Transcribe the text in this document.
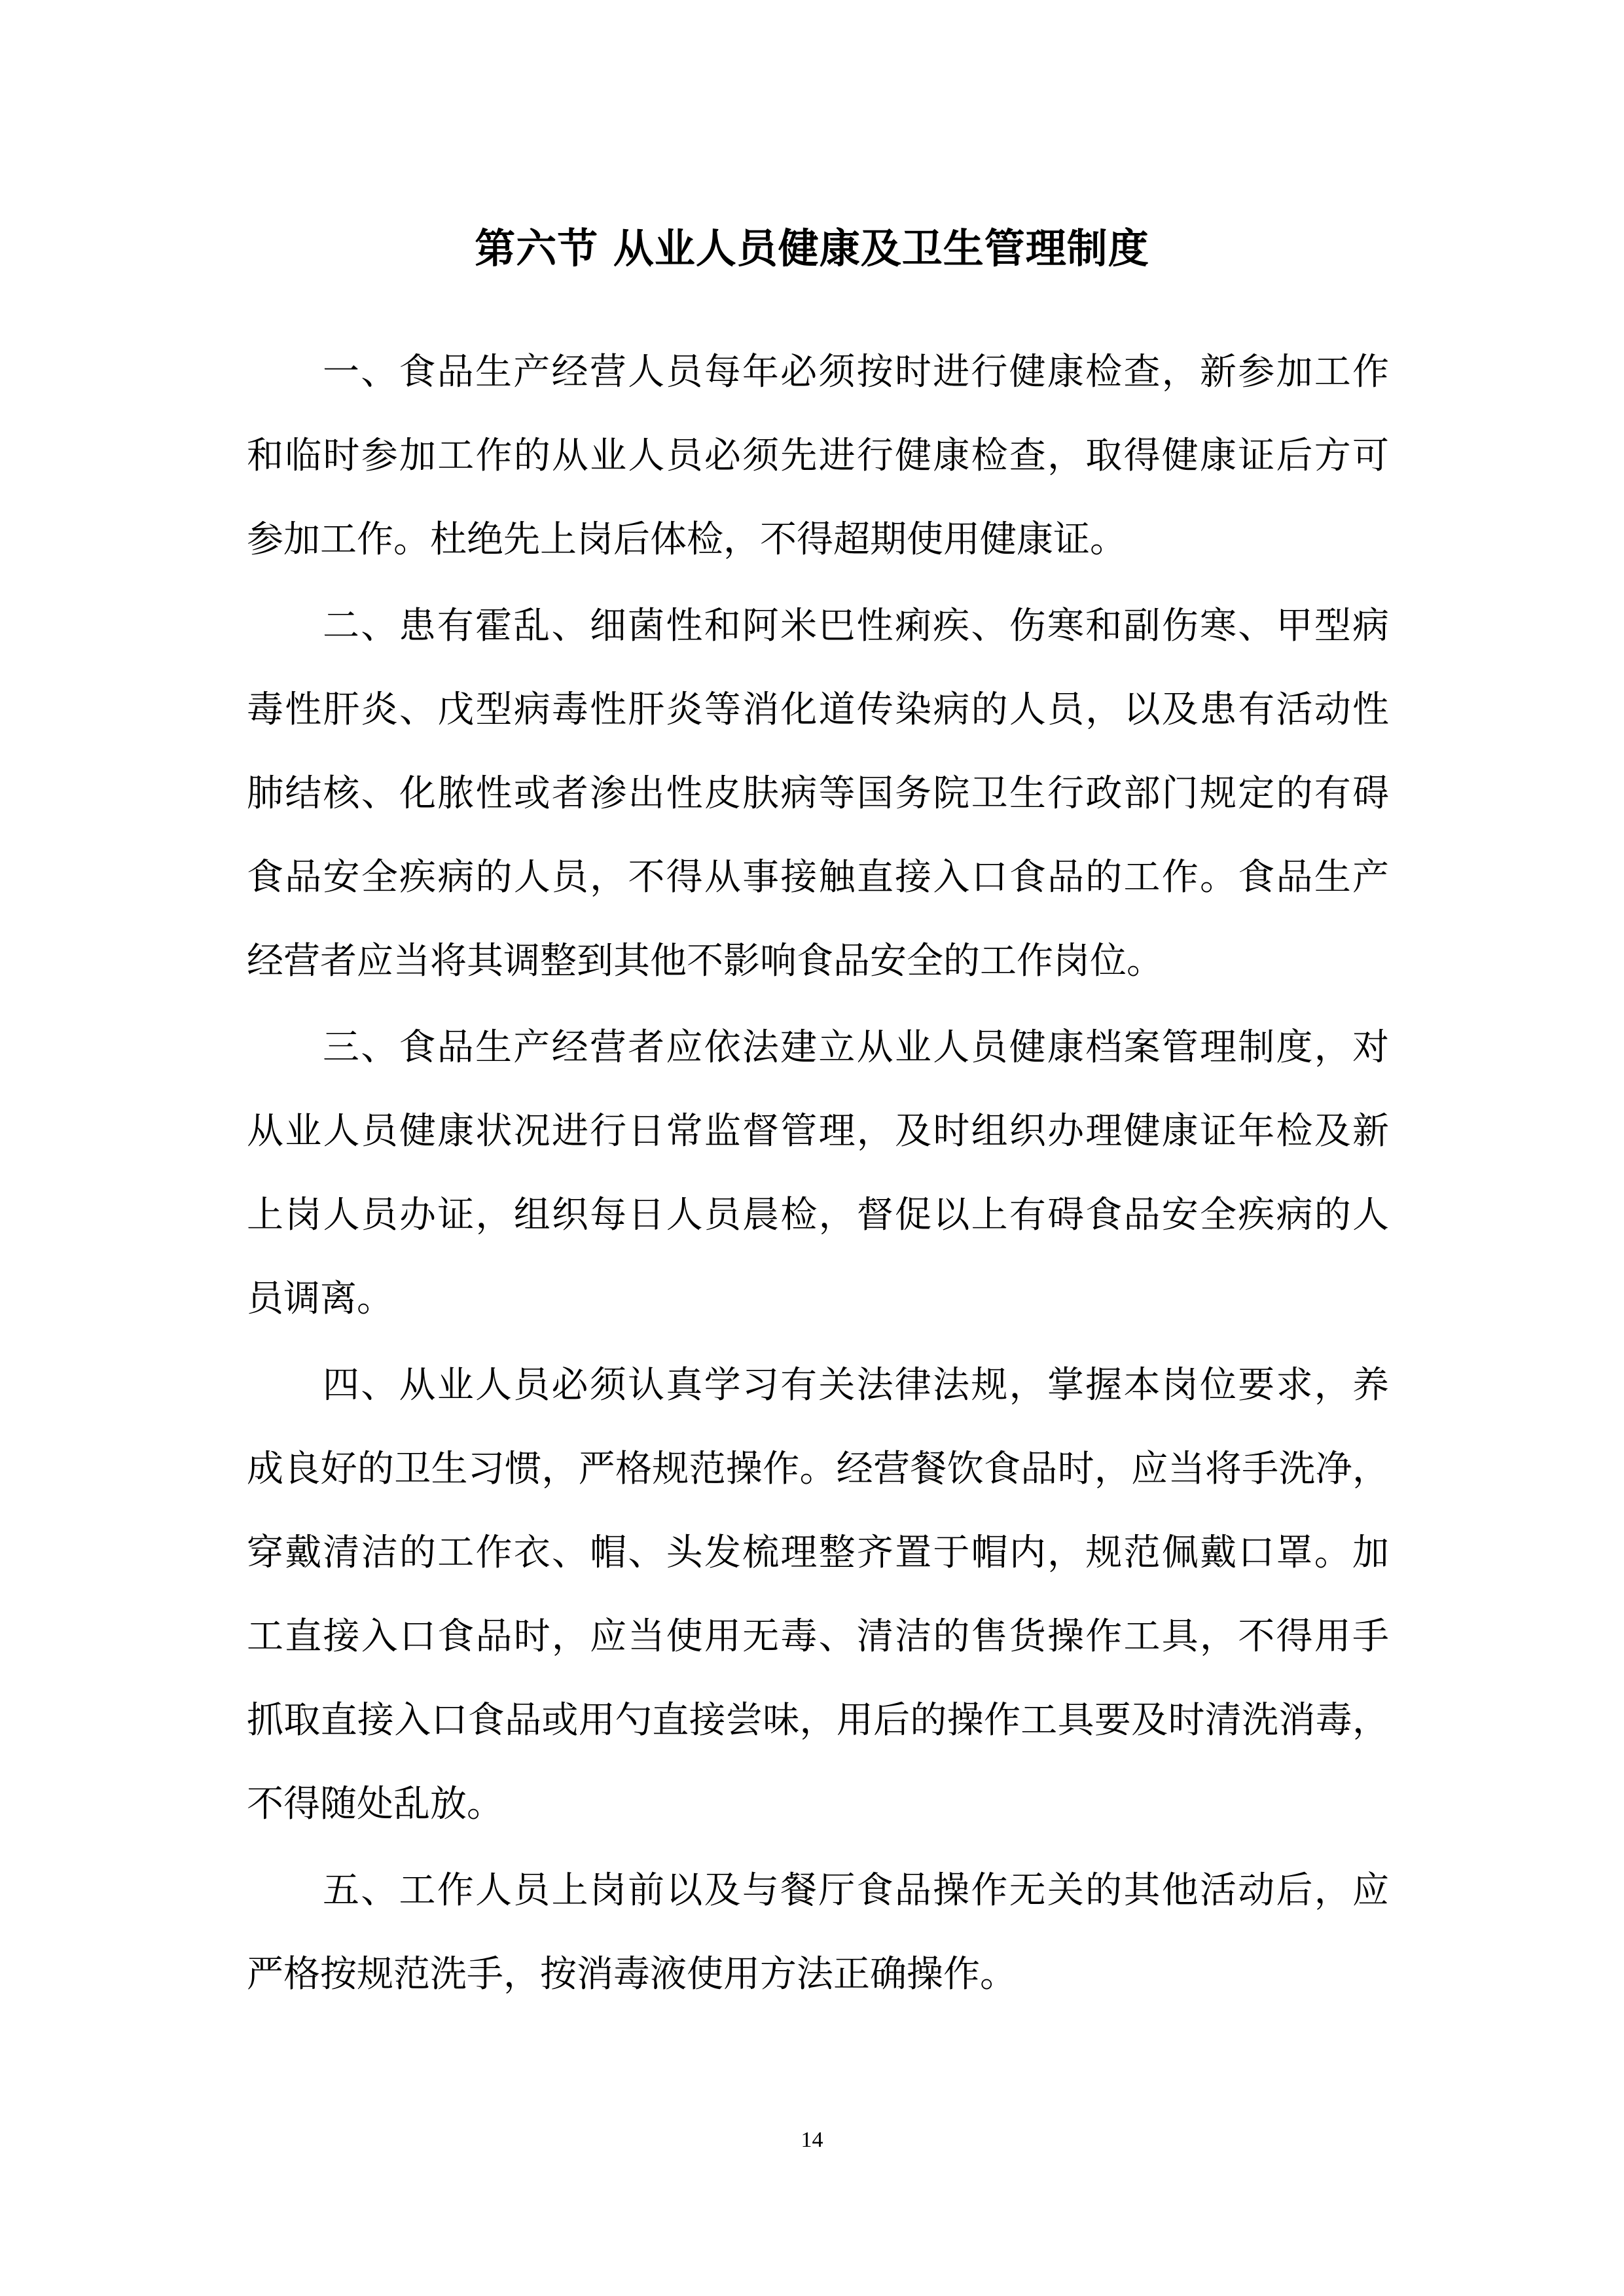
第六节 从业人员健康及卫生管理制度
一、食品生产经营人员每年必须按时进行健康检查，新参加工作
和临时参加工作的从业人员必须先进行健康检查，取得健康证后方可
参加工作。杜绝先上岗后体检，不得超期使用健康证。
二、患有霍乱、细菌性和阿米巴性痢疾、伤寒和副伤寒、甲型病
毒性肝炎、戊型病毒性肝炎等消化道传染病的人员，以及患有活动性
肺结核、化脓性或者渗出性皮肤病等国务院卫生行政部门规定的有碍
食品安全疾病的人员，不得从事接触直接入口食品的工作。食品生产
经营者应当将其调整到其他不影响食品安全的工作岗位。
三、食品生产经营者应依法建立从业人员健康档案管理制度，对
从业人员健康状况进行日常监督管理，及时组织办理健康证年检及新
上岗人员办证，组织每日人员晨检，督促以上有碍食品安全疾病的人
员调离。
四、从业人员必须认真学习有关法律法规，掌握本岗位要求，养
成良好的卫生习惯，严格规范操作。经营餐饮食品时，应当将手洗净，
穿戴清洁的工作衣、帽、头发梳理整齐置于帽内，规范佩戴口罩。加
工直接入口食品时，应当使用无毒、清洁的售货操作工具，不得用手
抓取直接入口食品或用勺直接尝味，用后的操作工具要及时清洗消毒，
不得随处乱放。
五、工作人员上岗前以及与餐厅食品操作无关的其他活动后，应
严格按规范洗手，按消毒液使用方法正确操作。
14
